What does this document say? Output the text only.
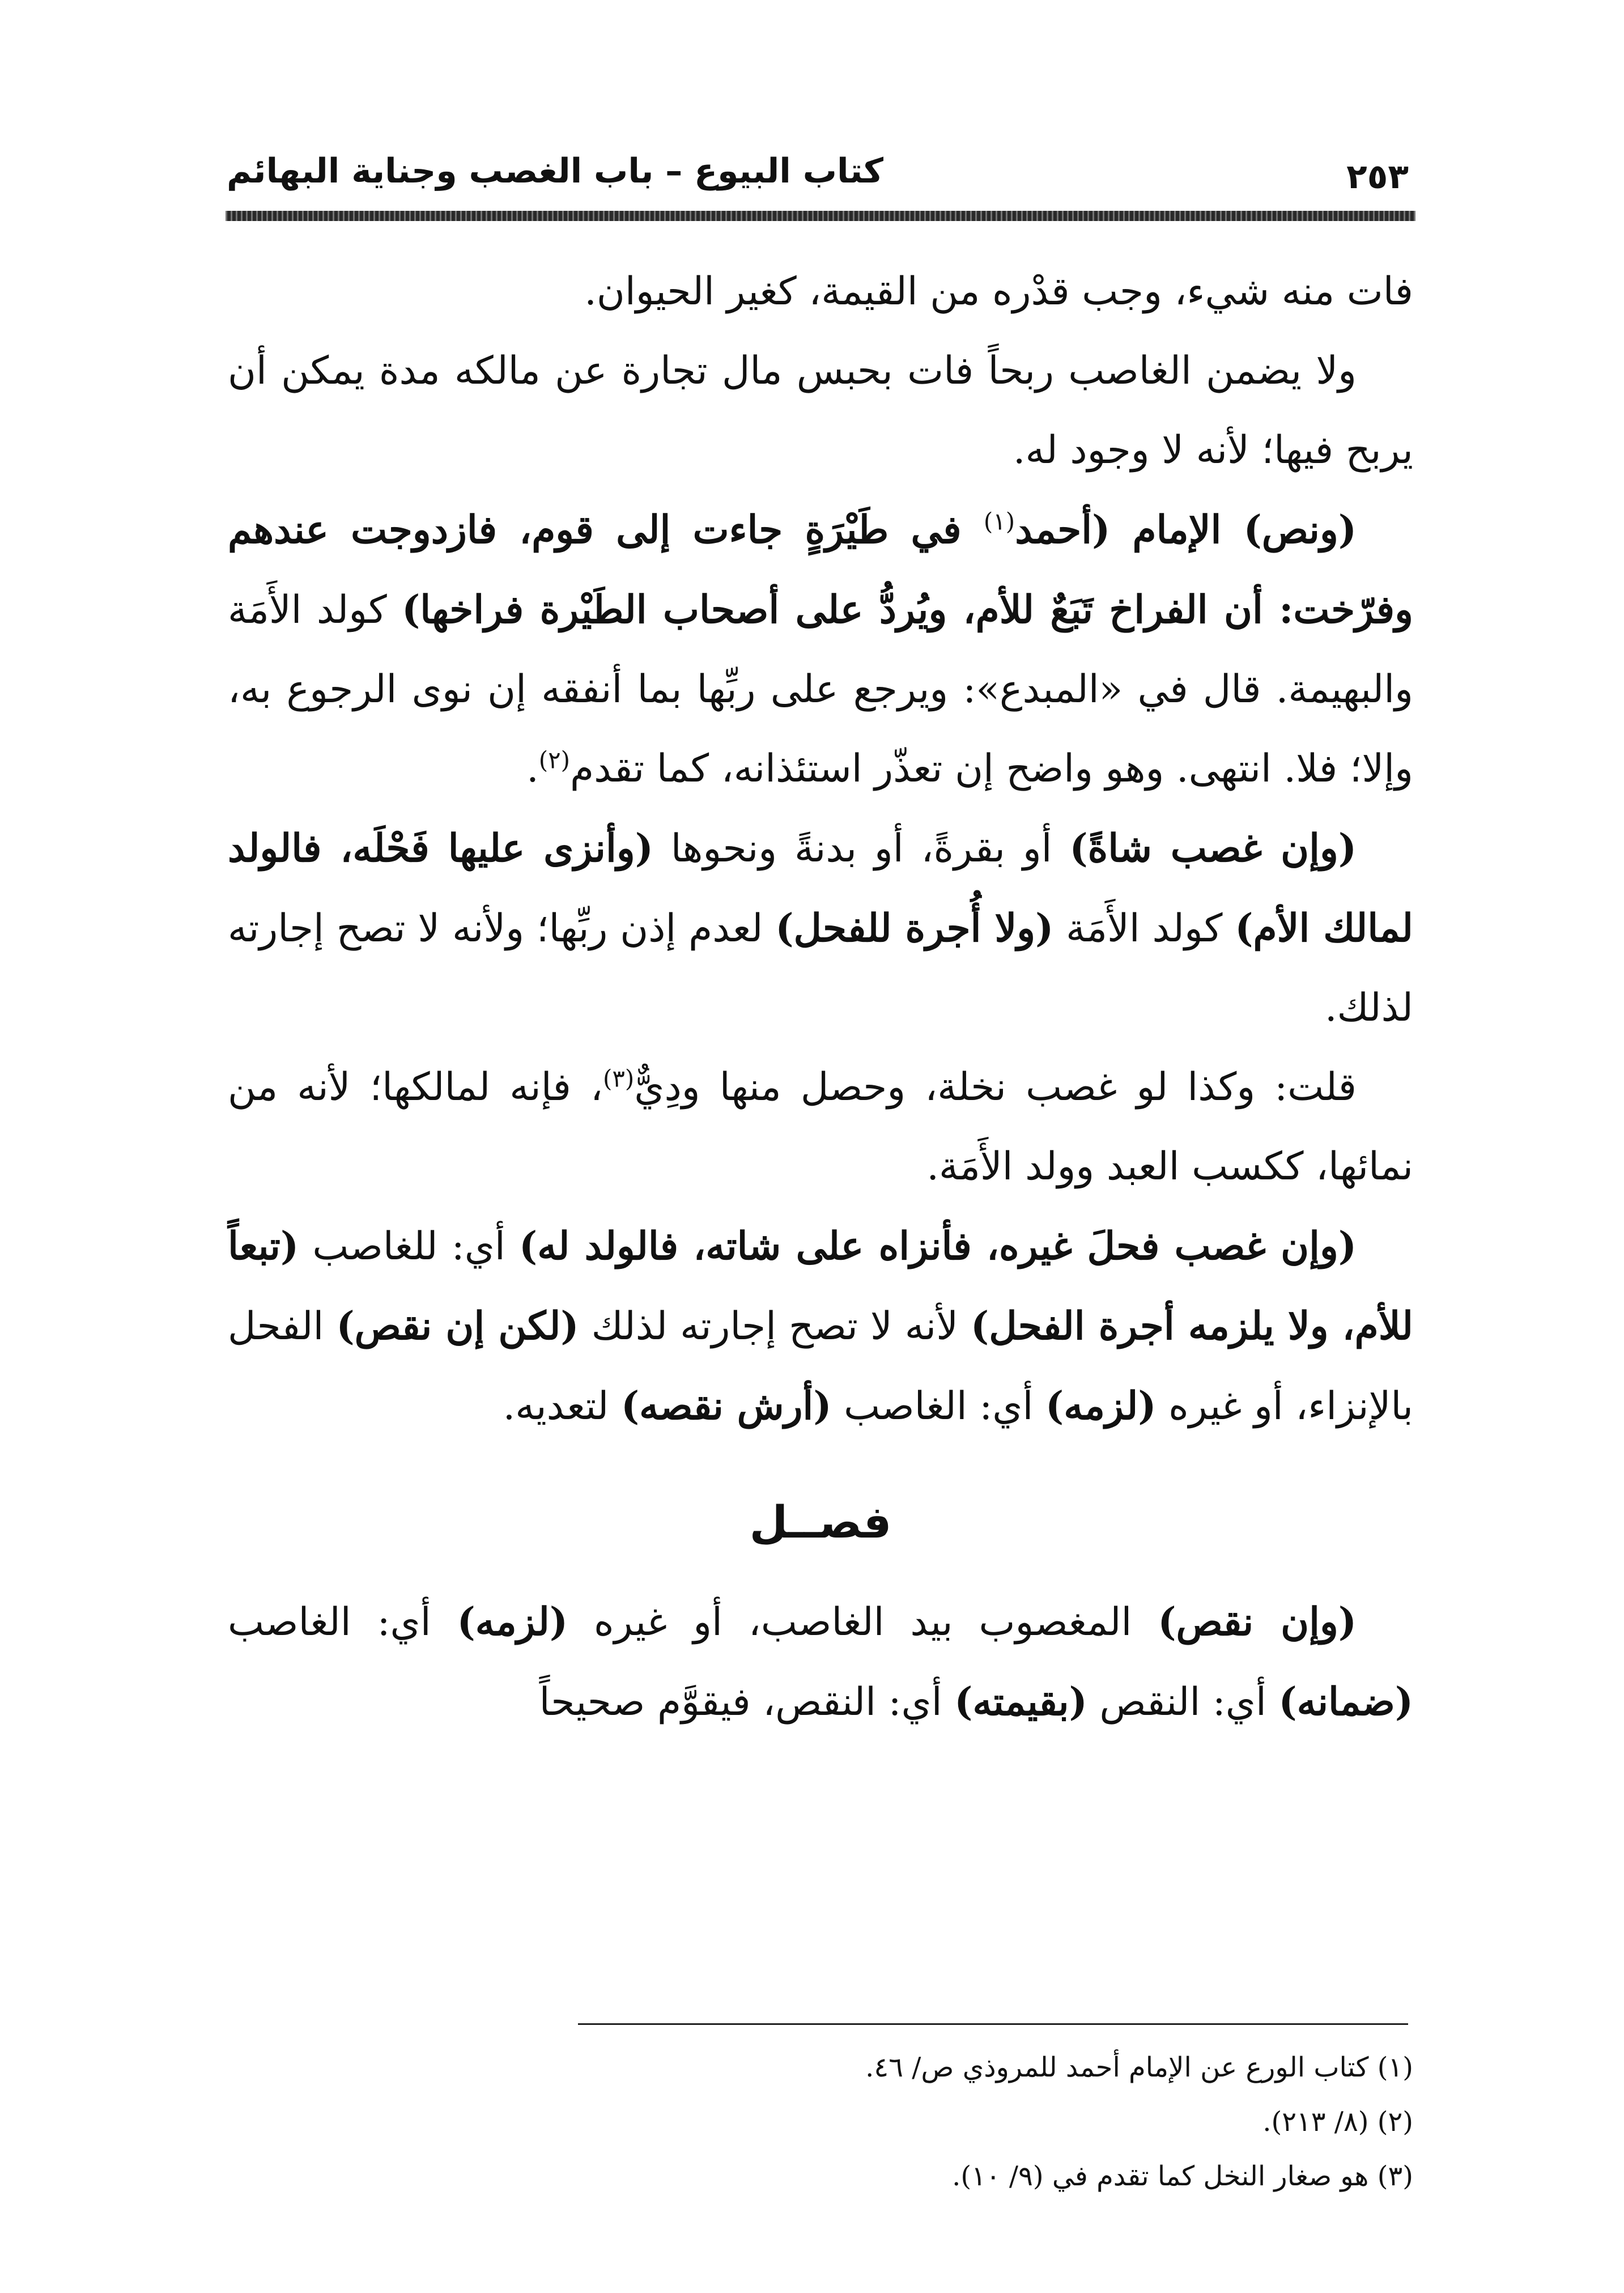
كتاب البيوع – باب الغصب وجناية البهائم	٢٥٣

فات منه شيء، وجب قدْره من القيمة، كغير الحيوان.

ولا يضمن الغاصب ربحاً فات بحبس مال تجارة عن مالكه مدة يمكن أن يربح فيها؛ لأنه لا وجود له.

(ونص) الإمام (أحمد$^{(١)}$ في طَيْرَةٍ جاءت إلى قوم، فازدوجت عندهم وفرّخت: أن الفراخ تَبَعٌ للأم، ويُردُّ على أصحاب الطَيْرة فراخها) كولد الأَمَة والبهيمة. قال في «المبدع»: ويرجع على ربِّها بما أنفقه إن نوى الرجوع به، وإلا؛ فلا. انتهى. وهو واضح إن تعذّر استئذانه، كما تقدم$^{(٢)}$.

(وإن غصب شاةً) أو بقرةً، أو بدنةً ونحوها (وأنزى عليها فَحْلَه، فالولد لمالك الأم) كولد الأَمَة (ولا أُجرة للفحل) لعدم إذن ربِّها؛ ولأنه لا تصح إجارته لذلك.

قلت: وكذا لو غصب نخلة، وحصل منها ودِيٌّ$^{(٣)}$، فإنه لمالكها؛ لأنه من نمائها، ككسب العبد وولد الأَمَة.

(وإن غصب فحلَ غيره، فأنزاه على شاته، فالولد له) أي: للغاصب (تبعاً للأم، ولا يلزمه أجرة الفحل) لأنه لا تصح إجارته لذلك (لكن إن نقص) الفحل بالإنزاء، أو غيره (لزمه) أي: الغاصب (أرش نقصه) لتعديه.

فصــل

(وإن نقص) المغصوب بيد الغاصب، أو غيره (لزمه) أي: الغاصب (ضمانه) أي: النقص (بقيمته) أي: النقص، فيقوَّم صحيحاً

(١) كتاب الورع عن الإمام أحمد للمروذي ص/ ٤٦.
(٢) (٨/ ٢١٣).
(٣) هو صغار النخل كما تقدم في (٩/ ١٠).
